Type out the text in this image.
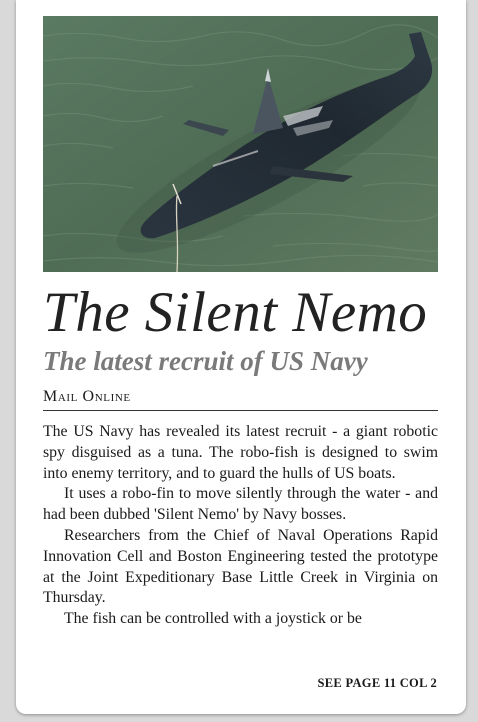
The Silent Nemo
The latest recruit of US Navy
Mail Online

The US Navy has revealed its latest recruit - a giant robotic spy disguised as a tuna. The robo-fish is designed to swim into enemy territory, and to guard the hulls of US boats.

It uses a robo-fin to move silently through the water - and had been dubbed 'Silent Nemo' by Navy bosses.

Researchers from the Chief of Naval Operations Rapid Innovation Cell and Boston Engineering tested the prototype at the Joint Expeditionary Base Little Creek in Virginia on Thursday.

The fish can be controlled with a joystick or be

SEE PAGE 11 COL 2
